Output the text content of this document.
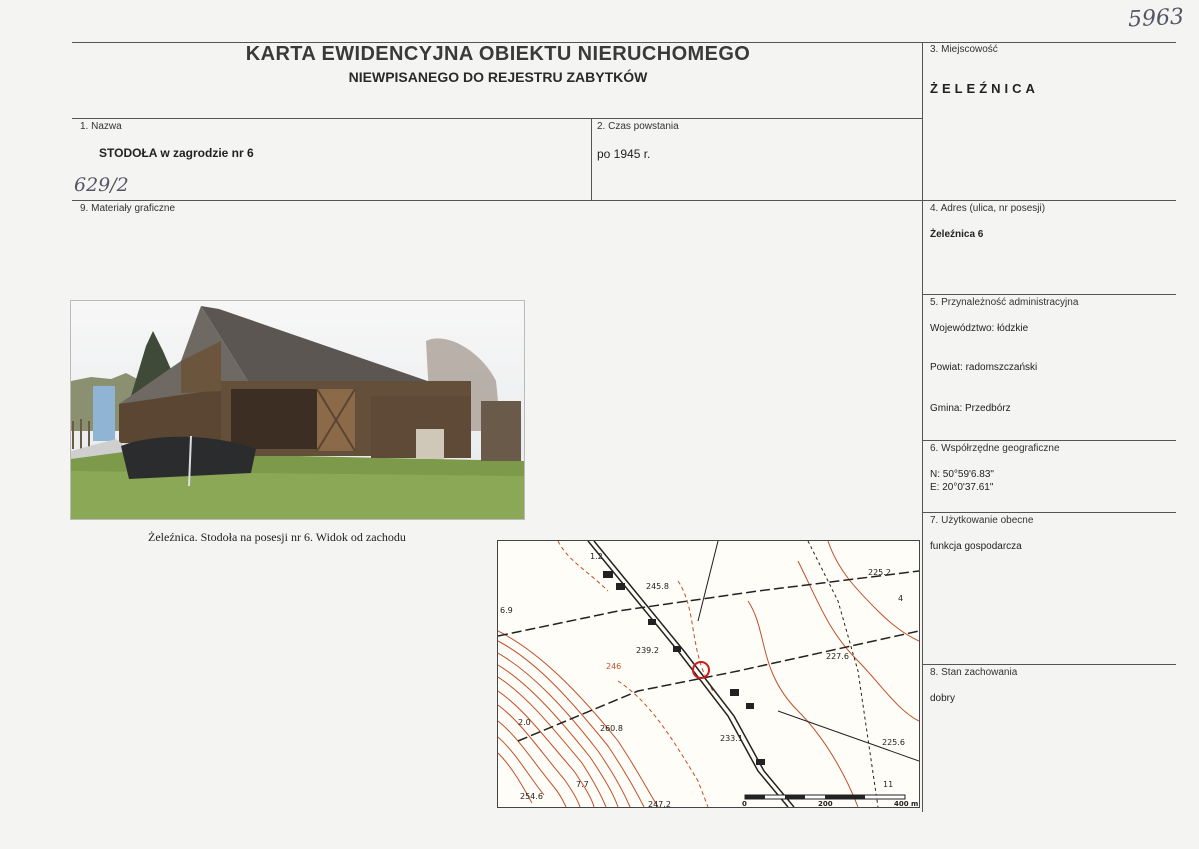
5963
KARTA EWIDENCYJNA OBIEKTU NIERUCHOMEGO
NIEWPISANEGO DO REJESTRU ZABYTKÓW
1. Nazwa
STODOŁA w zagrodzie nr 6
629/2
2. Czas powstania
po 1945 r.
3. Miejscowość
ŻELEŹNICA
4. Adres (ulica, nr posesji)
Żeleźnica 6
5. Przynależność administracyjna
Województwo: łódzkie
Powiat: radomszczański
Gmina: Przedbórz
6. Współrzędne geograficzne
N: 50°59'6.83"
E: 20°0'37.61"
7. Użytkowanie obecne
funkcja gospodarcza
8. Stan zachowania
dobry
9. Materiały graficzne
Żeleźnica. Stodoła na posesji nr 6. Widok od zachodu
1.2
245.8
225.2
6.9
239.2
246
227.6
2.0
260.8
233.1	225.6
7.7
254.6
247.2
11
4
0	200	400 m
